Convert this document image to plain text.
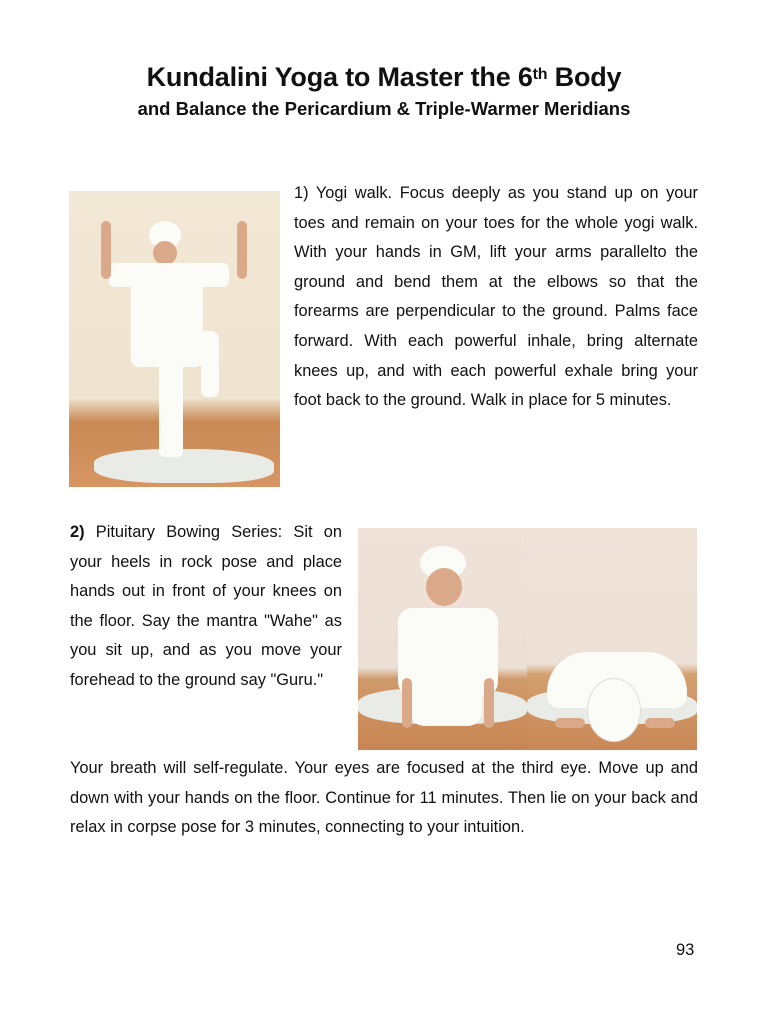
Kundalini Yoga to Master the 6th Body
and Balance the Pericardium & Triple-Warmer Meridians
1) Yogi walk. Focus deeply as you stand up on your toes and remain on your toes for the whole yogi walk. With your hands in GM, lift your arms parallelto the ground and bend them at the elbows so that the forearms are perpendicular to the ground. Palms face forward. With each powerful inhale, bring alternate knees up, and with each powerful exhale bring your foot back to the ground. Walk in place for 5 minutes.
2) Pituitary Bowing Series: Sit on your heels in rock pose and place hands out in front of your knees on the floor. Say the mantra "Wahe" as you sit up, and as you move your forehead to the ground say "Guru."
Your breath will self-regulate. Your eyes are focused at the third eye. Move up and down with your hands on the floor. Continue for 11 minutes. Then lie on your back and relax in corpse pose for 3 minutes, connecting to your intuition.
93
